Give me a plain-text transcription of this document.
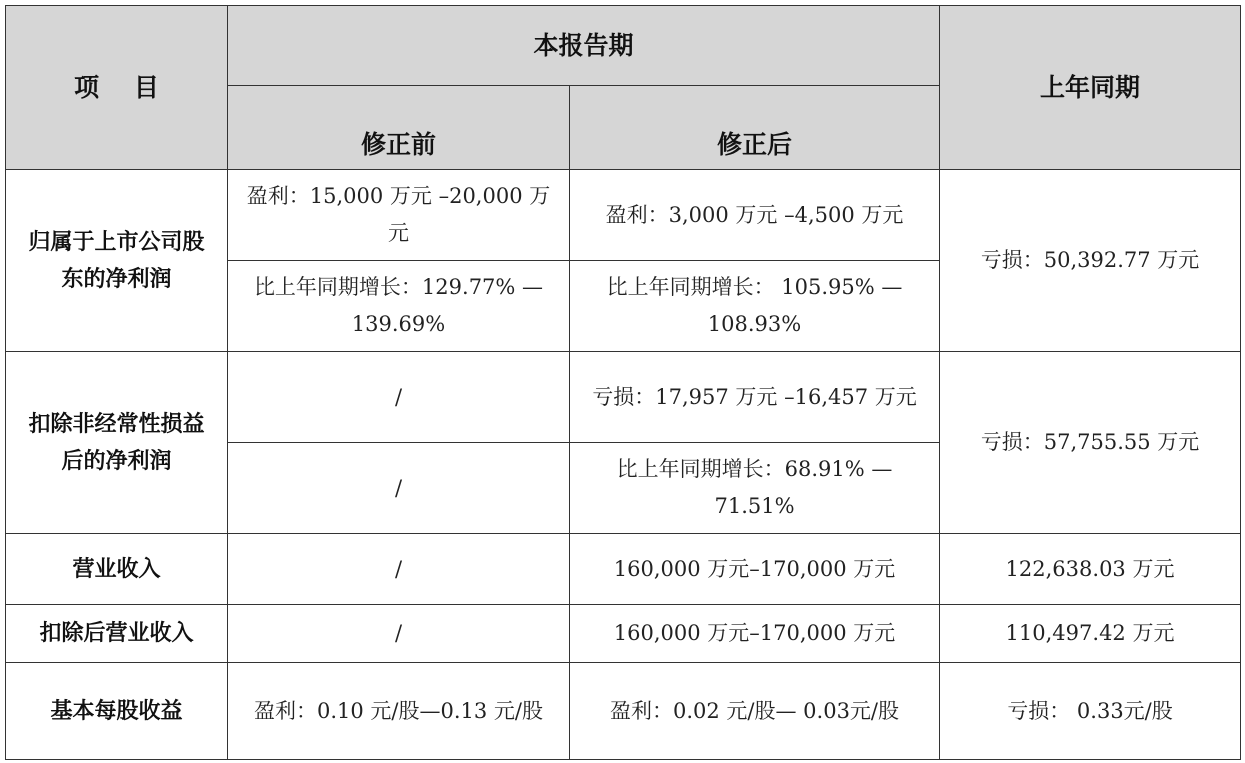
项    目	本报告期		上年同期
	修正前	修正后	
归属于上市公司股东的净利润	盈利：15,000 万元 –20,000 万元	盈利：3,000 万元 –4,500 万元	亏损：50,392.77 万元
	比上年同期增长：129.77% — 139.69%	比上年同期增长： 105.95% — 108.93%	
扣除非经常性损益后的净利润	/	亏损：17,957 万元 –16,457 万元	亏损：57,755.55 万元
	/	比上年同期增长：68.91% — 71.51%	
营业收入	/	160,000 万元–170,000 万元	122,638.03 万元
扣除后营业收入	/	160,000 万元–170,000 万元	110,497.42 万元
基本每股收益	盈利：0.10 元/股—0.13 元/股	盈利：0.02 元/股— 0.03元/股	亏损： 0.33元/股
